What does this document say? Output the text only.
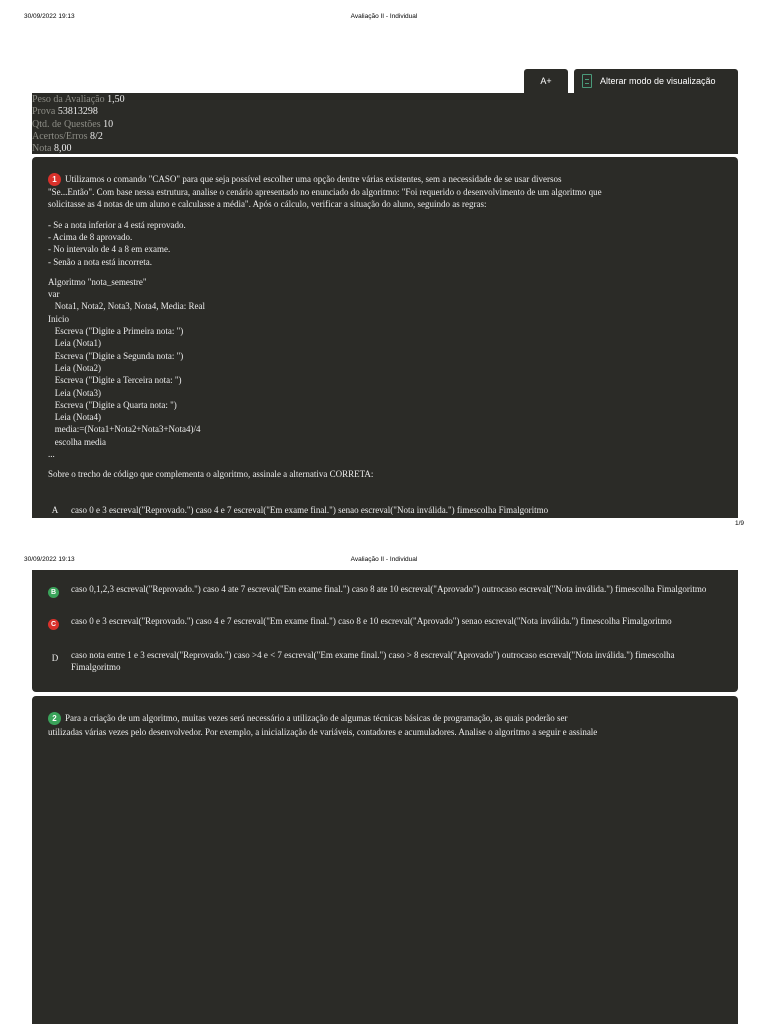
30/09/2022 19:13	Avaliação II - Individual
A+	Alterar modo de visualização
Peso da Avaliação 1,50
Prova 53813298
Qtd. de Questões 10
Acertos/Erros 8/2
Nota 8,00
1 Utilizamos o comando "CASO" para que seja possível escolher uma opção dentre várias existentes, sem a necessidade de se usar diversos
"Se...Então". Com base nessa estrutura, analise o cenário apresentado no enunciado do algoritmo: "Foi requerido o desenvolvimento de um algoritmo que
solicitasse as 4 notas de um aluno e calculasse a média". Após o cálculo, verificar a situação do aluno, seguindo as regras:
- Se a nota inferior a 4 está reprovado.
- Acima de 8 aprovado.
- No intervalo de 4 a 8 em exame.
- Senão a nota está incorreta.
Algoritmo "nota_semestre"
var
Nota1, Nota2, Nota3, Nota4, Media: Real
Inicio
Escreva ("Digite a Primeira nota: ")
Leia (Nota1)
Escreva ("Digite a Segunda nota: ")
Leia (Nota2)
Escreva ("Digite a Terceira nota: ")
Leia (Nota3)
Escreva ("Digite a Quarta nota: ")
Leia (Nota4)
media:=(Nota1+Nota2+Nota3+Nota4)/4
escolha media
...
Sobre o trecho de código que complementa o algoritmo, assinale a alternativa CORRETA:
A	caso 0 e 3 escreval("Reprovado.") caso 4 e 7 escreval("Em exame final.") senao escreval("Nota inválida.") fimescolha Fimalgoritmo
1/9
30/09/2022 19:13	Avaliação II - Individual
B	caso 0,1,2,3 escreval("Reprovado.") caso 4 ate 7 escreval("Em exame final.") caso 8 ate 10 escreval("Aprovado") outrocaso escreval("Nota inválida.") fimescolha Fimalgoritmo
C	caso 0 e 3 escreval("Reprovado.") caso 4 e 7 escreval("Em exame final.") caso 8 e 10 escreval("Aprovado") senao escreval("Nota inválida.") fimescolha Fimalgoritmo
D	caso nota entre 1 e 3 escreval("Reprovado.") caso >4 e < 7 escreval("Em exame final.") caso > 8 escreval("Aprovado") outrocaso escreval("Nota inválida.") fimescolha Fimalgoritmo
2 Para a criação de um algoritmo, muitas vezes será necessário a utilização de algumas técnicas básicas de programação, as quais poderão ser
utilizadas várias vezes pelo desenvolvedor. Por exemplo, a inicialização de variáveis, contadores e acumuladores. Analise o algoritmo a seguir e assinale
